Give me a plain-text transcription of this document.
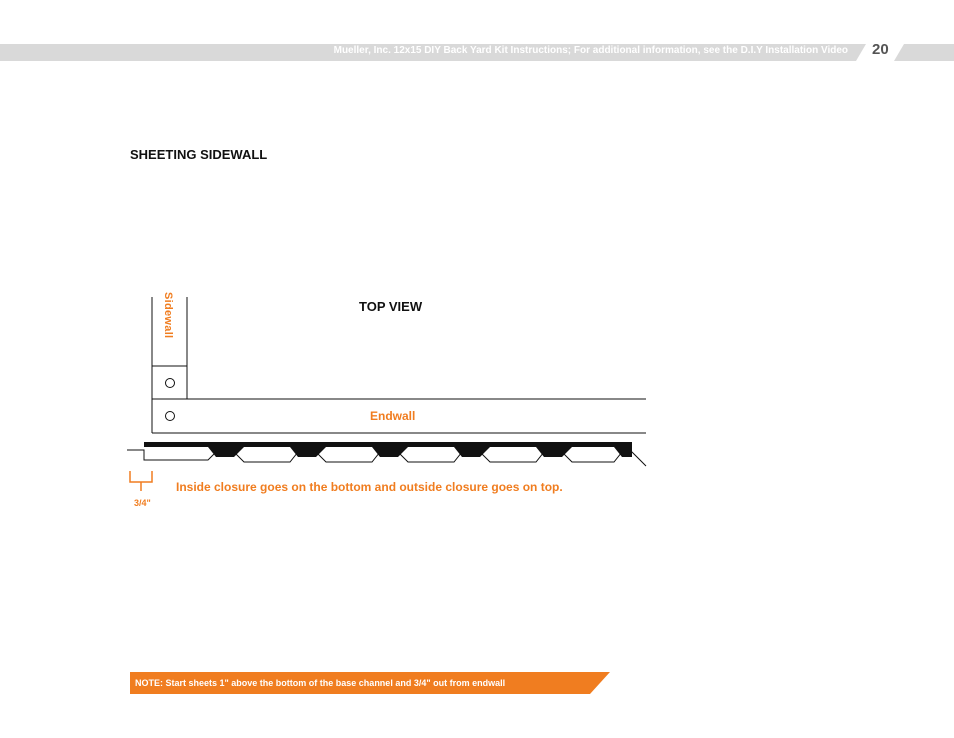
Mueller, Inc. 12x15 DIY Back Yard Kit Instructions; For additional information, see the D.I.Y Installation Video 20
SHEETING SIDEWALL
Sidewall	TOP VIEW
Endwall
Inside closure goes on the bottom and outside closure goes on top.
3/4"
NOTE: Start sheets 1" above the bottom of the base channel and 3/4" out from endwall
